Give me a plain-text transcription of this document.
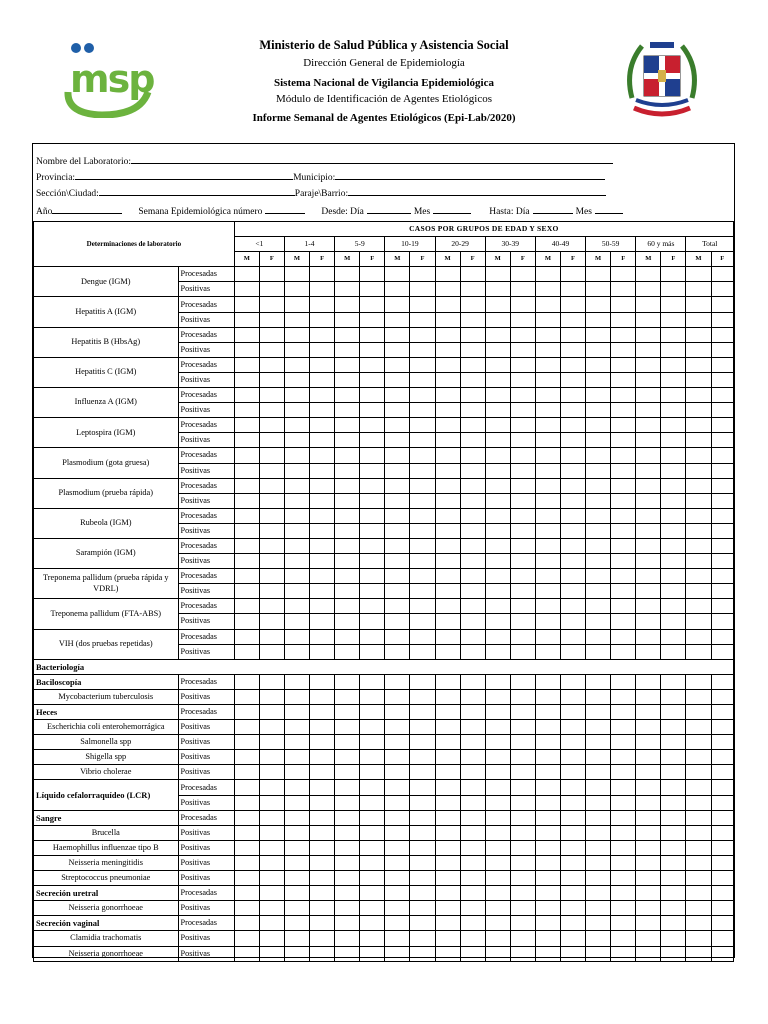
msp
Ministerio de Salud Pública y Asistencia Social
Dirección General de Epidemiología
Sistema Nacional de Vigilancia Epidemiológica
Módulo de Identificación de Agentes Etiológicos
Informe Semanal de Agentes Etiológicos (Epi-Lab/2020)
Nombre del Laboratorio:
Provincia:	Municipio:
Sección\Ciudad:	Paraje\Barrio:
Año	Semana Epidemiológica número	Desde: Día	Mes	Hasta: Día	Mes
Determinaciones de laboratorio		CASOS POR GRUPOS DE EDAD Y SEXO																			
		<1		1-4		5-9		10-19		20-29		30-39		40-49		50-59		60 y más		Total	
		M	F	M	F	M	F	M	F	M	F	M	F	M	F	M	F	M	F	M	F
Dengue (IGM)	Procesadas																				
	Positivas																				
Hepatitis A (IGM)	Procesadas																				
	Positivas																				
Hepatitis B (HbsAg)	Procesadas																				
	Positivas																				
Hepatitis C (IGM)	Procesadas																				
	Positivas																				
Influenza A (IGM)	Procesadas																				
	Positivas																				
Leptospira (IGM)	Procesadas																				
	Positivas																				
Plasmodium (gota gruesa)	Procesadas																				
	Positivas																				
Plasmodium (prueba rápida)	Procesadas																				
	Positivas																				
Rubeola (IGM)	Procesadas																				
	Positivas																				
Sarampión (IGM)	Procesadas																				
	Positivas																				
Treponema pallidum (prueba rápida y VDRL)	Procesadas																				
	Positivas																				
Treponema pallidum (FTA-ABS)	Procesadas																				
	Positivas																				
VIH (dos pruebas repetidas)	Procesadas																				
	Positivas																				
Bacteriología																					
Baciloscopía	Procesadas																				
Mycobacterium tuberculosis	Positivas																				
Heces	Procesadas																				
Escherichia coli enterohemorrágica	Positivas																				
Salmonella spp	Positivas																				
Shigella spp	Positivas																				
Vibrio cholerae	Positivas																				
Líquido cefalorraquídeo (LCR)	Procesadas																				
	Positivas																				
Sangre	Procesadas																				
Brucella	Positivas																				
Haemophillus influenzae tipo B	Positivas																				
Neisseria meningitidis	Positivas																				
Streptococcus pneumoniae	Positivas																				
Secreción uretral	Procesadas																				
Neisseria gonorrhoeae	Positivas																				
Secreción vaginal	Procesadas																				
Clamidia trachomatis	Positivas																				
Neisseria gonorrhoeae	Positivas																				
